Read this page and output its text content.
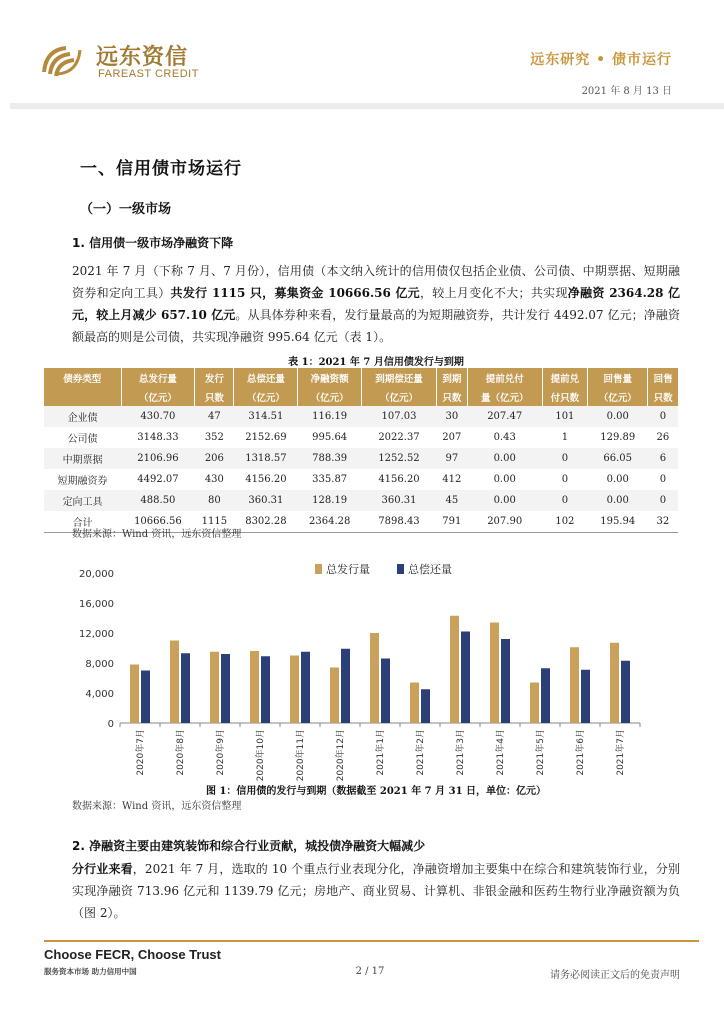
远东资信
FAREAST CREDIT
远东研究 • 债市运行
2021 年 8 月 13 日
一、信用债市场运行
（一）一级市场
1. 信用债一级市场净融资下降
2021 年 7 月（下称 7 月、7 月份），信用债（本文纳入统计的信用债仅包括企业债、公司债、中期票据、短期融资券和定向工具）共发行 1115 只，募集资金 10666.56 亿元，较上月变化不大；共实现净融资 2364.28 亿元，较上月减少 657.10 亿元。从具体券种来看，发行量最高的为短期融资券，共计发行 4492.07 亿元；净融资额最高的则是公司债，共实现净融资 995.64 亿元（表 1）。
表 1：2021 年 7 月信用债发行与到期
债券类型	总发行量	发行	总偿还量	净融资额	到期偿还量	到期	提前兑付	提前兑	回售量	回售
	（亿元）	只数	（亿元）	（亿元）	（亿元）	只数	量（亿元）	付只数	（亿元）	只数
企业债	430.70	47	314.51	116.19	107.03	30	207.47	101	0.00	0
公司债	3148.33	352	2152.69	995.64	2022.37	207	0.43	1	129.89	26
中期票据	2106.96	206	1318.57	788.39	1252.52	97	0.00	0	66.05	6
短期融资券	4492.07	430	4156.20	335.87	4156.20	412	0.00	0	0.00	0
定向工具	488.50	80	360.31	128.19	360.31	45	0.00	0	0.00	0
合计	10666.56	1115	8302.28	2364.28	7898.43	791	207.90	102	195.94	32
数据来源：Wind 资讯，远东资信整理
20,000
16,000
12,000
8,000
4,000
0
2020年7月	2020年8月	2020年9月	2020年10月	2020年11月	2020年12月	2021年1月	2021年2月	2021年3月	2021年4月	2021年5月	2021年6月	2021年7月
总发行量	总偿还量
图 1：信用债的发行与到期（数据截至 2021 年 7 月 31 日，单位：亿元）
数据来源：Wind 资讯，远东资信整理
2. 净融资主要由建筑装饰和综合行业贡献，城投债净融资大幅减少
分行业来看，2021 年 7 月，选取的 10 个重点行业表现分化，净融资增加主要集中在综合和建筑装饰行业，分别实现净融资 713.96 亿元和 1139.79 亿元；房地产、商业贸易、计算机、非银金融和医药生物行业净融资额为负（图 2）。
Choose FECR, Choose Trust
服务资本市场 助力信用中国	2 / 17	请务必阅读正文后的免责声明
